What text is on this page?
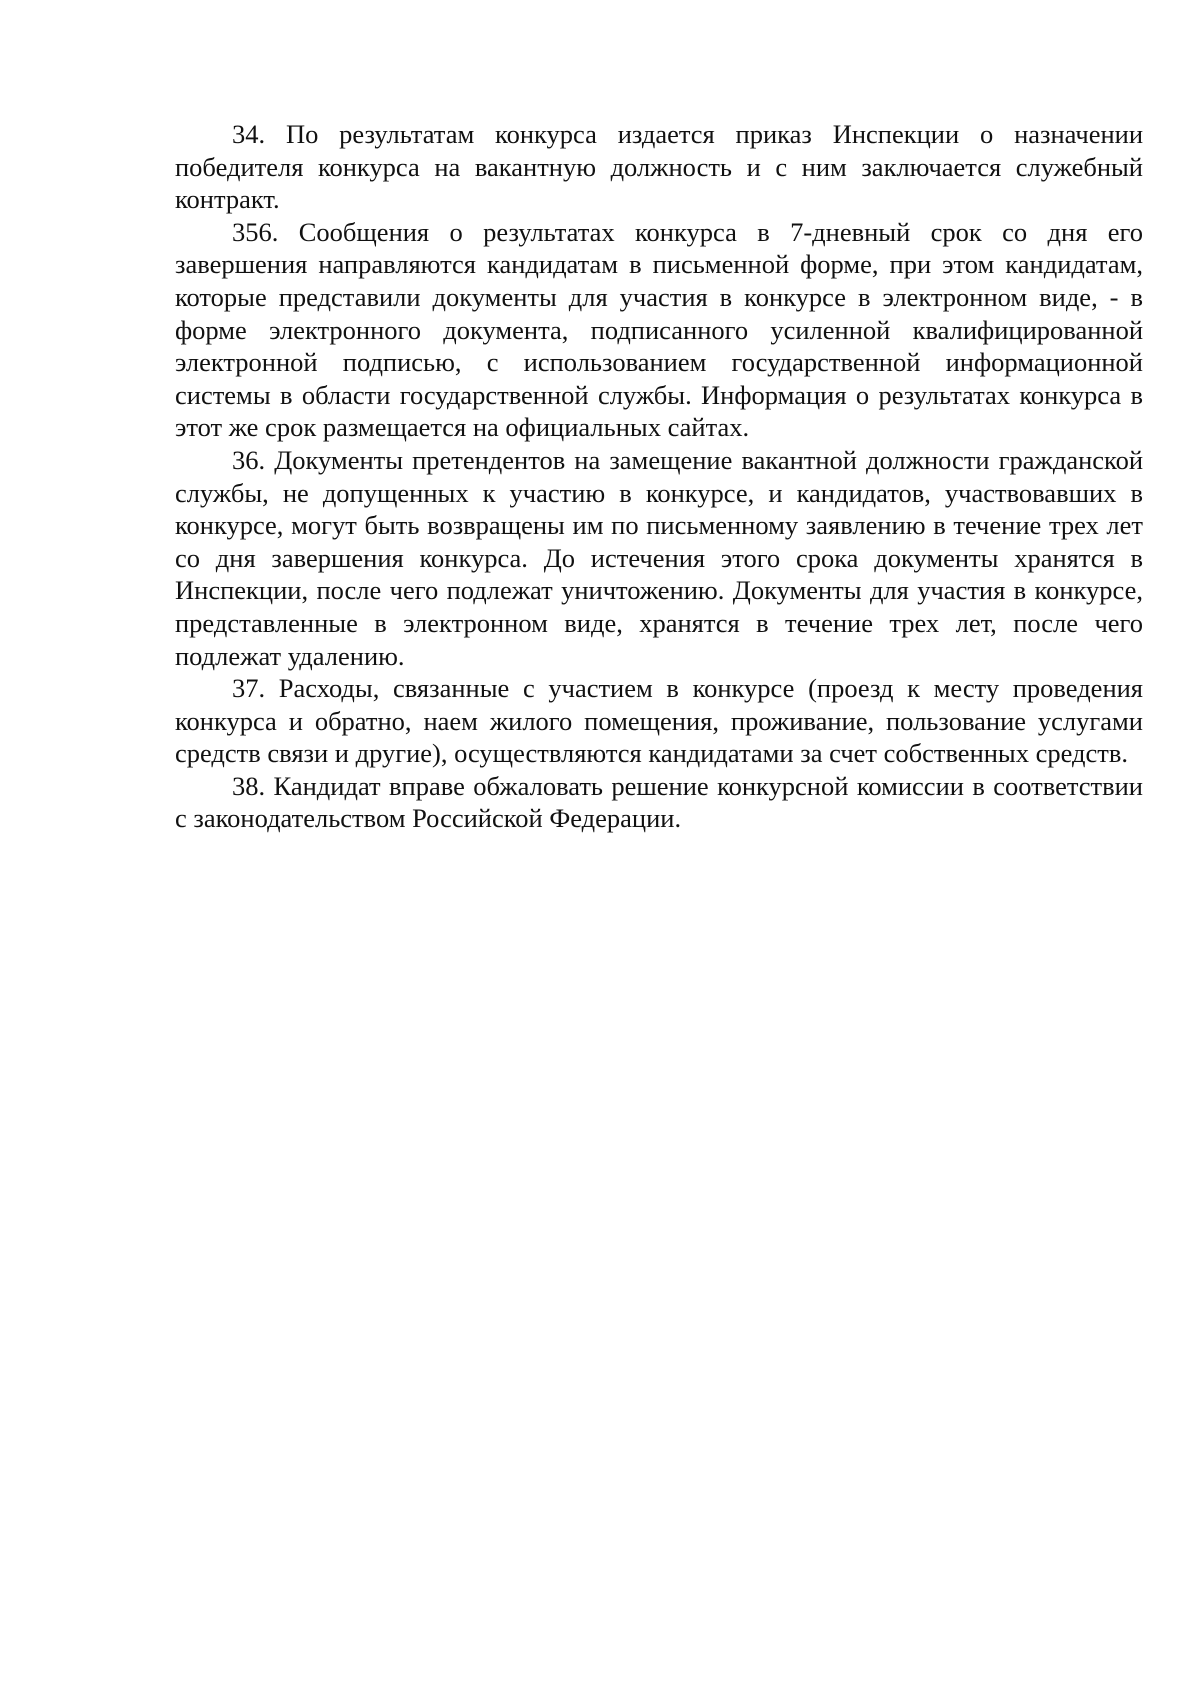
34. По результатам конкурса издается приказ Инспекции о назначении победителя конкурса на вакантную должность и с ним заключается служебный контракт.

356. Сообщения о результатах конкурса в 7-дневный срок со дня его завершения направляются кандидатам в письменной форме, при этом кандидатам, которые представили документы для участия в конкурсе в электронном виде, - в форме электронного документа, подписанного усиленной квалифицированной электронной подписью, с использованием государственной информационной системы в области государственной службы. Информация о результатах конкурса в этот же срок размещается на официальных сайтах.

36. Документы претендентов на замещение вакантной должности гражданской службы, не допущенных к участию в конкурсе, и кандидатов, участвовавших в конкурсе, могут быть возвращены им по письменному заявлению в течение трех лет со дня завершения конкурса. До истечения этого срока документы хранятся в Инспекции, после чего подлежат уничтожению. Документы для участия в конкурсе, представленные в электронном виде, хранятся в течение трех лет, после чего подлежат удалению.

37. Расходы, связанные с участием в конкурсе (проезд к месту проведения конкурса и обратно, наем жилого помещения, проживание, пользование услугами средств связи и другие), осуществляются кандидатами за счет собственных средств.

38. Кандидат вправе обжаловать решение конкурсной комиссии в соответствии с законодательством Российской Федерации.
